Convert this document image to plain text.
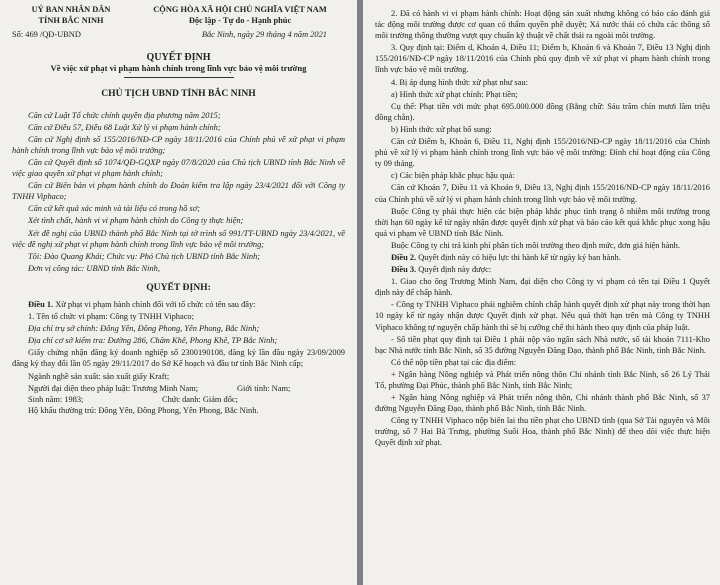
UỶ BAN NHÂN DÂN
TỈNH BẮC NINH
CỘNG HÒA XÃ HỘI CHỦ NGHĨA VIỆT NAM
Độc lập - Tự do - Hạnh phúc
Số: 469 /QĐ-UBND	Bắc Ninh, ngày 29 tháng 4 năm 2021
QUYẾT ĐỊNH
Về việc xử phạt vi phạm hành chính trong lĩnh vực bảo vệ môi trường
CHỦ TỊCH UBND TỈNH BẮC NINH

Căn cứ Luật Tổ chức chính quyền địa phương năm 2015;

Căn cứ Điều 57, Điều 68 Luật Xử lý vi phạm hành chính;

Căn cứ Nghị định số 155/2016/NĐ-CP ngày 18/11/2016 của Chính phủ về xử phạt vi phạm hành chính trong lĩnh vực bảo vệ môi trường;

Căn cứ Quyết định số 1074/QĐ-GQXP ngày 07/8/2020 của Chủ tịch UBND tỉnh Bắc Ninh về việc giao quyền xử phạt vi phạm hành chính;

Căn cứ Biên bản vi phạm hành chính do Đoàn kiểm tra lập ngày 23/4/2021 đối với Công ty TNHH Viphaco;

Căn cứ kết quả xác minh và tài liệu có trong hồ sơ;

Xét tình chất, hành vi vi phạm hành chính do Công ty thực hiện;

Xét đề nghị của UBND thành phố Bắc Ninh tại tờ trình số 991/TT-UBND ngày 23/4/2021, về việc đề nghị xử phạt vi phạm hành chính trong lĩnh vực bảo vệ môi trường;

Tôi: Đào Quang Khải; Chức vụ: Phó Chủ tịch UBND tỉnh Bắc Ninh;

Đơn vị công tác: UBND tỉnh Bắc Ninh,

QUYẾT ĐỊNH:

Điều 1. Xử phạt vi phạm hành chính đối với tổ chức có tên sau đây:

1. Tên tổ chức vi phạm: Công ty TNHH Viphaco;

Địa chỉ trụ sở chính: Đông Yên, Đông Phong, Yên Phong, Bắc Ninh;

Địa chỉ cơ sở kiểm tra: Đường 286, Châm Khê, Phong Khê, TP Bắc Ninh;

Giấy chứng nhận đăng ký doanh nghiệp số 2300190108, đăng ký lần đầu ngày 23/09/2009 đăng ký thay đổi lần 05 ngày 29/11/2017 do Sở Kế hoạch và đầu tư tỉnh Bắc Ninh cấp;

Ngành nghề sản xuất: sản xuất giấy Kraft;

Người đại diện theo pháp luật: Trương Minh Nam;	Giới tính: Nam;
Sinh năm: 1983;	Chức danh: Giám đốc;

Hộ khẩu thường trú: Đông Yên, Đông Phong, Yên Phong, Bắc Ninh.

2. Đã có hành vi vi phạm hành chính: Hoạt động sản xuất nhưng không có báo cáo đánh giá tác động môi trường được cơ quan có thẩm quyền phê duyệt; Xả nước thải có chứa các thông số môi trường thông thường vượt quy chuẩn kỹ thuật về chất thải ra ngoài môi trường.

3. Quy định tại: Điểm d, Khoản 4, Điều 11; Điểm b, Khoản 6 và Khoản 7, Điều 13 Nghị định 155/2016/NĐ-CP ngày 18/11/2016 của Chính phủ quy định về xử phạt vi phạm hành chính trong lĩnh vực bảo vệ môi trường.

4. Bị áp dụng hình thức xử phạt như sau:

a) Hình thức xử phạt chính: Phạt tiền;

Cụ thể: Phạt tiền với mức phạt 695.000.000 đồng (Bằng chữ: Sáu trăm chín mươi lăm triệu đồng chẵn).

b) Hình thức xử phạt bổ sung:

Căn cứ Điểm b, Khoản 6, Điều 11, Nghị định 155/2016/NĐ-CP ngày 18/11/2016 của Chính phủ về xử lý vi phạm hành chính trong lĩnh vực bảo vệ môi trường: Đình chỉ hoạt động của Công ty 09 tháng.

c) Các biện pháp khắc phục hậu quả:

Căn cứ Khoản 7, Điều 11 và Khoản 9, Điều 13, Nghị định 155/2016/NĐ-CP ngày 18/11/2016 của Chính phủ về xử lý vi phạm hành chính trong lĩnh vực bảo vệ môi trường.

Buộc Công ty phải thực hiện các biện pháp khắc phục tình trạng ô nhiễm môi trường trong thời hạn 60 ngày kể từ ngày nhận được quyết định xử phạt và báo cáo kết quả khắc phục xong hậu quả vi phạm về UBND tỉnh Bắc Ninh.

Buộc Công ty chi trả kinh phí phân tích môi trường theo định mức, đơn giá hiện hành.

Điều 2. Quyết định này có hiệu lực thi hành kể từ ngày ký ban hành.

Điều 3. Quyết định này được:

1. Giao cho ông Trương Minh Nam, đại diện cho Công ty vi phạm có tên tại Điều 1 Quyết định này để chấp hành.

- Công ty TNHH Viphaco phải nghiêm chỉnh chấp hành quyết định xử phạt này trong thời hạn 10 ngày kể từ ngày nhận được Quyết định xử phạt. Nếu quá thời hạn trên mà Công ty TNHH Viphaco không tự nguyện chấp hành thì sẽ bị cưỡng chế thi hành theo quy định của pháp luật.

- Số tiền phạt quy định tại Điều 1 phải nộp vào ngân sách Nhà nước, số tài khoản 7111-Kho bạc Nhà nước tỉnh Bắc Ninh, số 35 đường Nguyễn Đăng Đạo, thành phố Bắc Ninh, tỉnh Bắc Ninh.

Có thể nộp tiền phạt tại các địa điểm:

+ Ngân hàng Nông nghiệp và Phát triển nông thôn Chi nhánh tỉnh Bắc Ninh, số 26 Lý Thái Tổ, phường Đại Phúc, thành phố Bắc Ninh, tỉnh Bắc Ninh;

+ Ngân hàng Nông nghiệp và Phát triển nông thôn, Chi nhánh thành phố Bắc Ninh, số 37 đường Nguyễn Đăng Đạo, thành phố Bắc Ninh, tỉnh Bắc Ninh.

Công ty TNHH Viphaco nộp biên lai thu tiền phạt cho UBND tỉnh (qua Sở Tài nguyên và Môi trường, số 7 Hai Bà Trưng, phường Suối Hoa, thành phố Bắc Ninh) để theo dõi việc thực hiện Quyết định xử phạt.
